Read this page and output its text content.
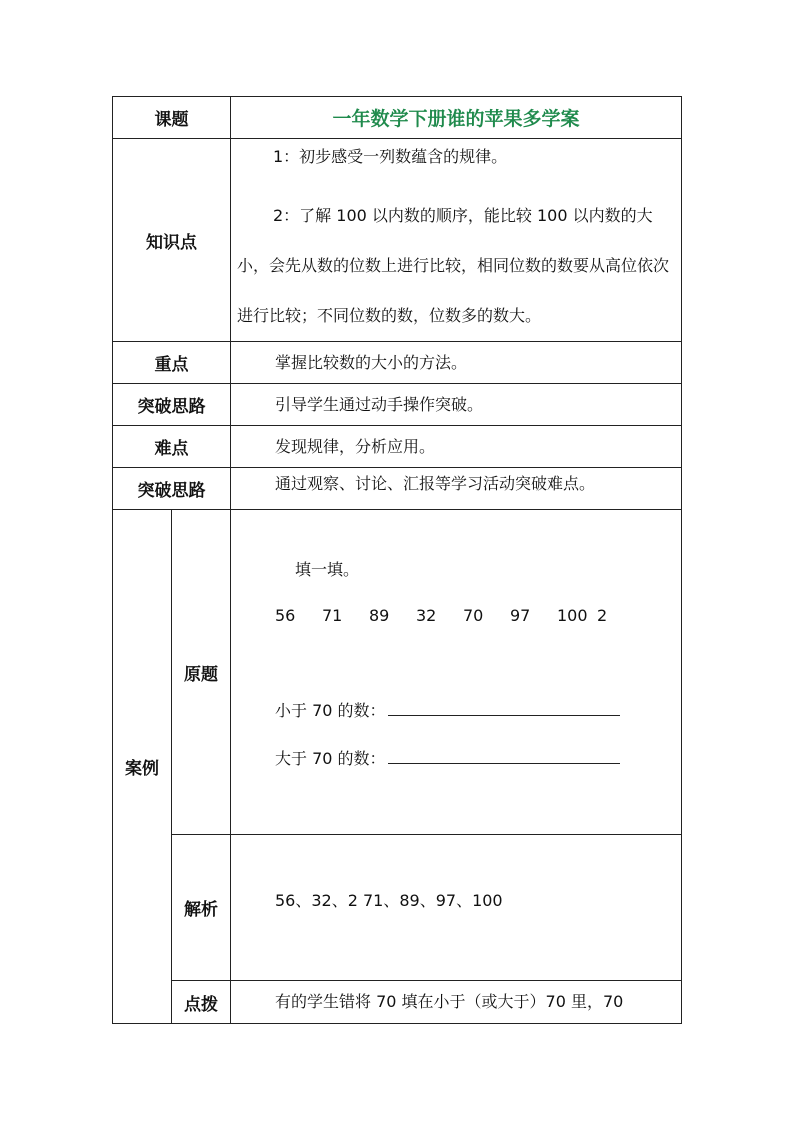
课题		一年数学下册谁的苹果多学案
知识点		1：初步感受一列数蕴含的规律。

2：了解 100 以内数的顺序，能比较 100 以内数的大小，会先从数的位数上进行比较，相同位数的数要从高位依次进行比较；不同位数的数，位数多的数大。

重点		掌握比较数的大小的方法。
突破思路		引导学生通过动手操作突破。
难点		发现规律，分析应用。
突破思路		通过观察、讨论、汇报等学习活动突破难点。
案例	原题	填一填。
56 71 89 32 70 97 100 2
小于 70 的数：
大于 70 的数：

	解析	56、32、2 71、89、97、100

	点拨	有的学生错将 70 填在小于（或大于）70 里，70
